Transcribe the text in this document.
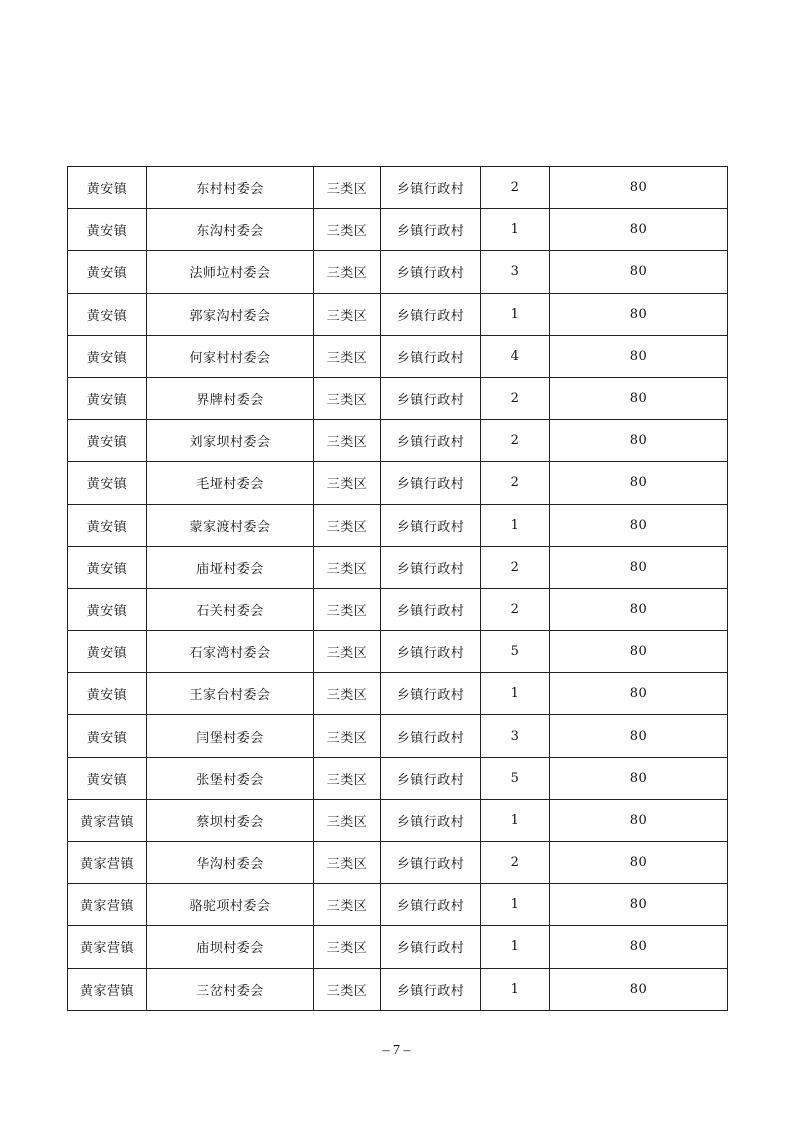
黄安镇	东村村委会	三类区	乡镇行政村	2	80
黄安镇	东沟村委会	三类区	乡镇行政村	1	80
黄安镇	法师垃村委会	三类区	乡镇行政村	3	80
黄安镇	郭家沟村委会	三类区	乡镇行政村	1	80
黄安镇	何家村村委会	三类区	乡镇行政村	4	80
黄安镇	界牌村委会	三类区	乡镇行政村	2	80
黄安镇	刘家坝村委会	三类区	乡镇行政村	2	80
黄安镇	毛垭村委会	三类区	乡镇行政村	2	80
黄安镇	蒙家渡村委会	三类区	乡镇行政村	1	80
黄安镇	庙垭村委会	三类区	乡镇行政村	2	80
黄安镇	石关村委会	三类区	乡镇行政村	2	80
黄安镇	石家湾村委会	三类区	乡镇行政村	5	80
黄安镇	王家台村委会	三类区	乡镇行政村	1	80
黄安镇	闫堡村委会	三类区	乡镇行政村	3	80
黄安镇	张堡村委会	三类区	乡镇行政村	5	80
黄家营镇	蔡坝村委会	三类区	乡镇行政村	1	80
黄家营镇	华沟村委会	三类区	乡镇行政村	2	80
黄家营镇	骆驼项村委会	三类区	乡镇行政村	1	80
黄家营镇	庙坝村委会	三类区	乡镇行政村	1	80
黄家营镇	三岔村委会	三类区	乡镇行政村	1	80
– 7 –
